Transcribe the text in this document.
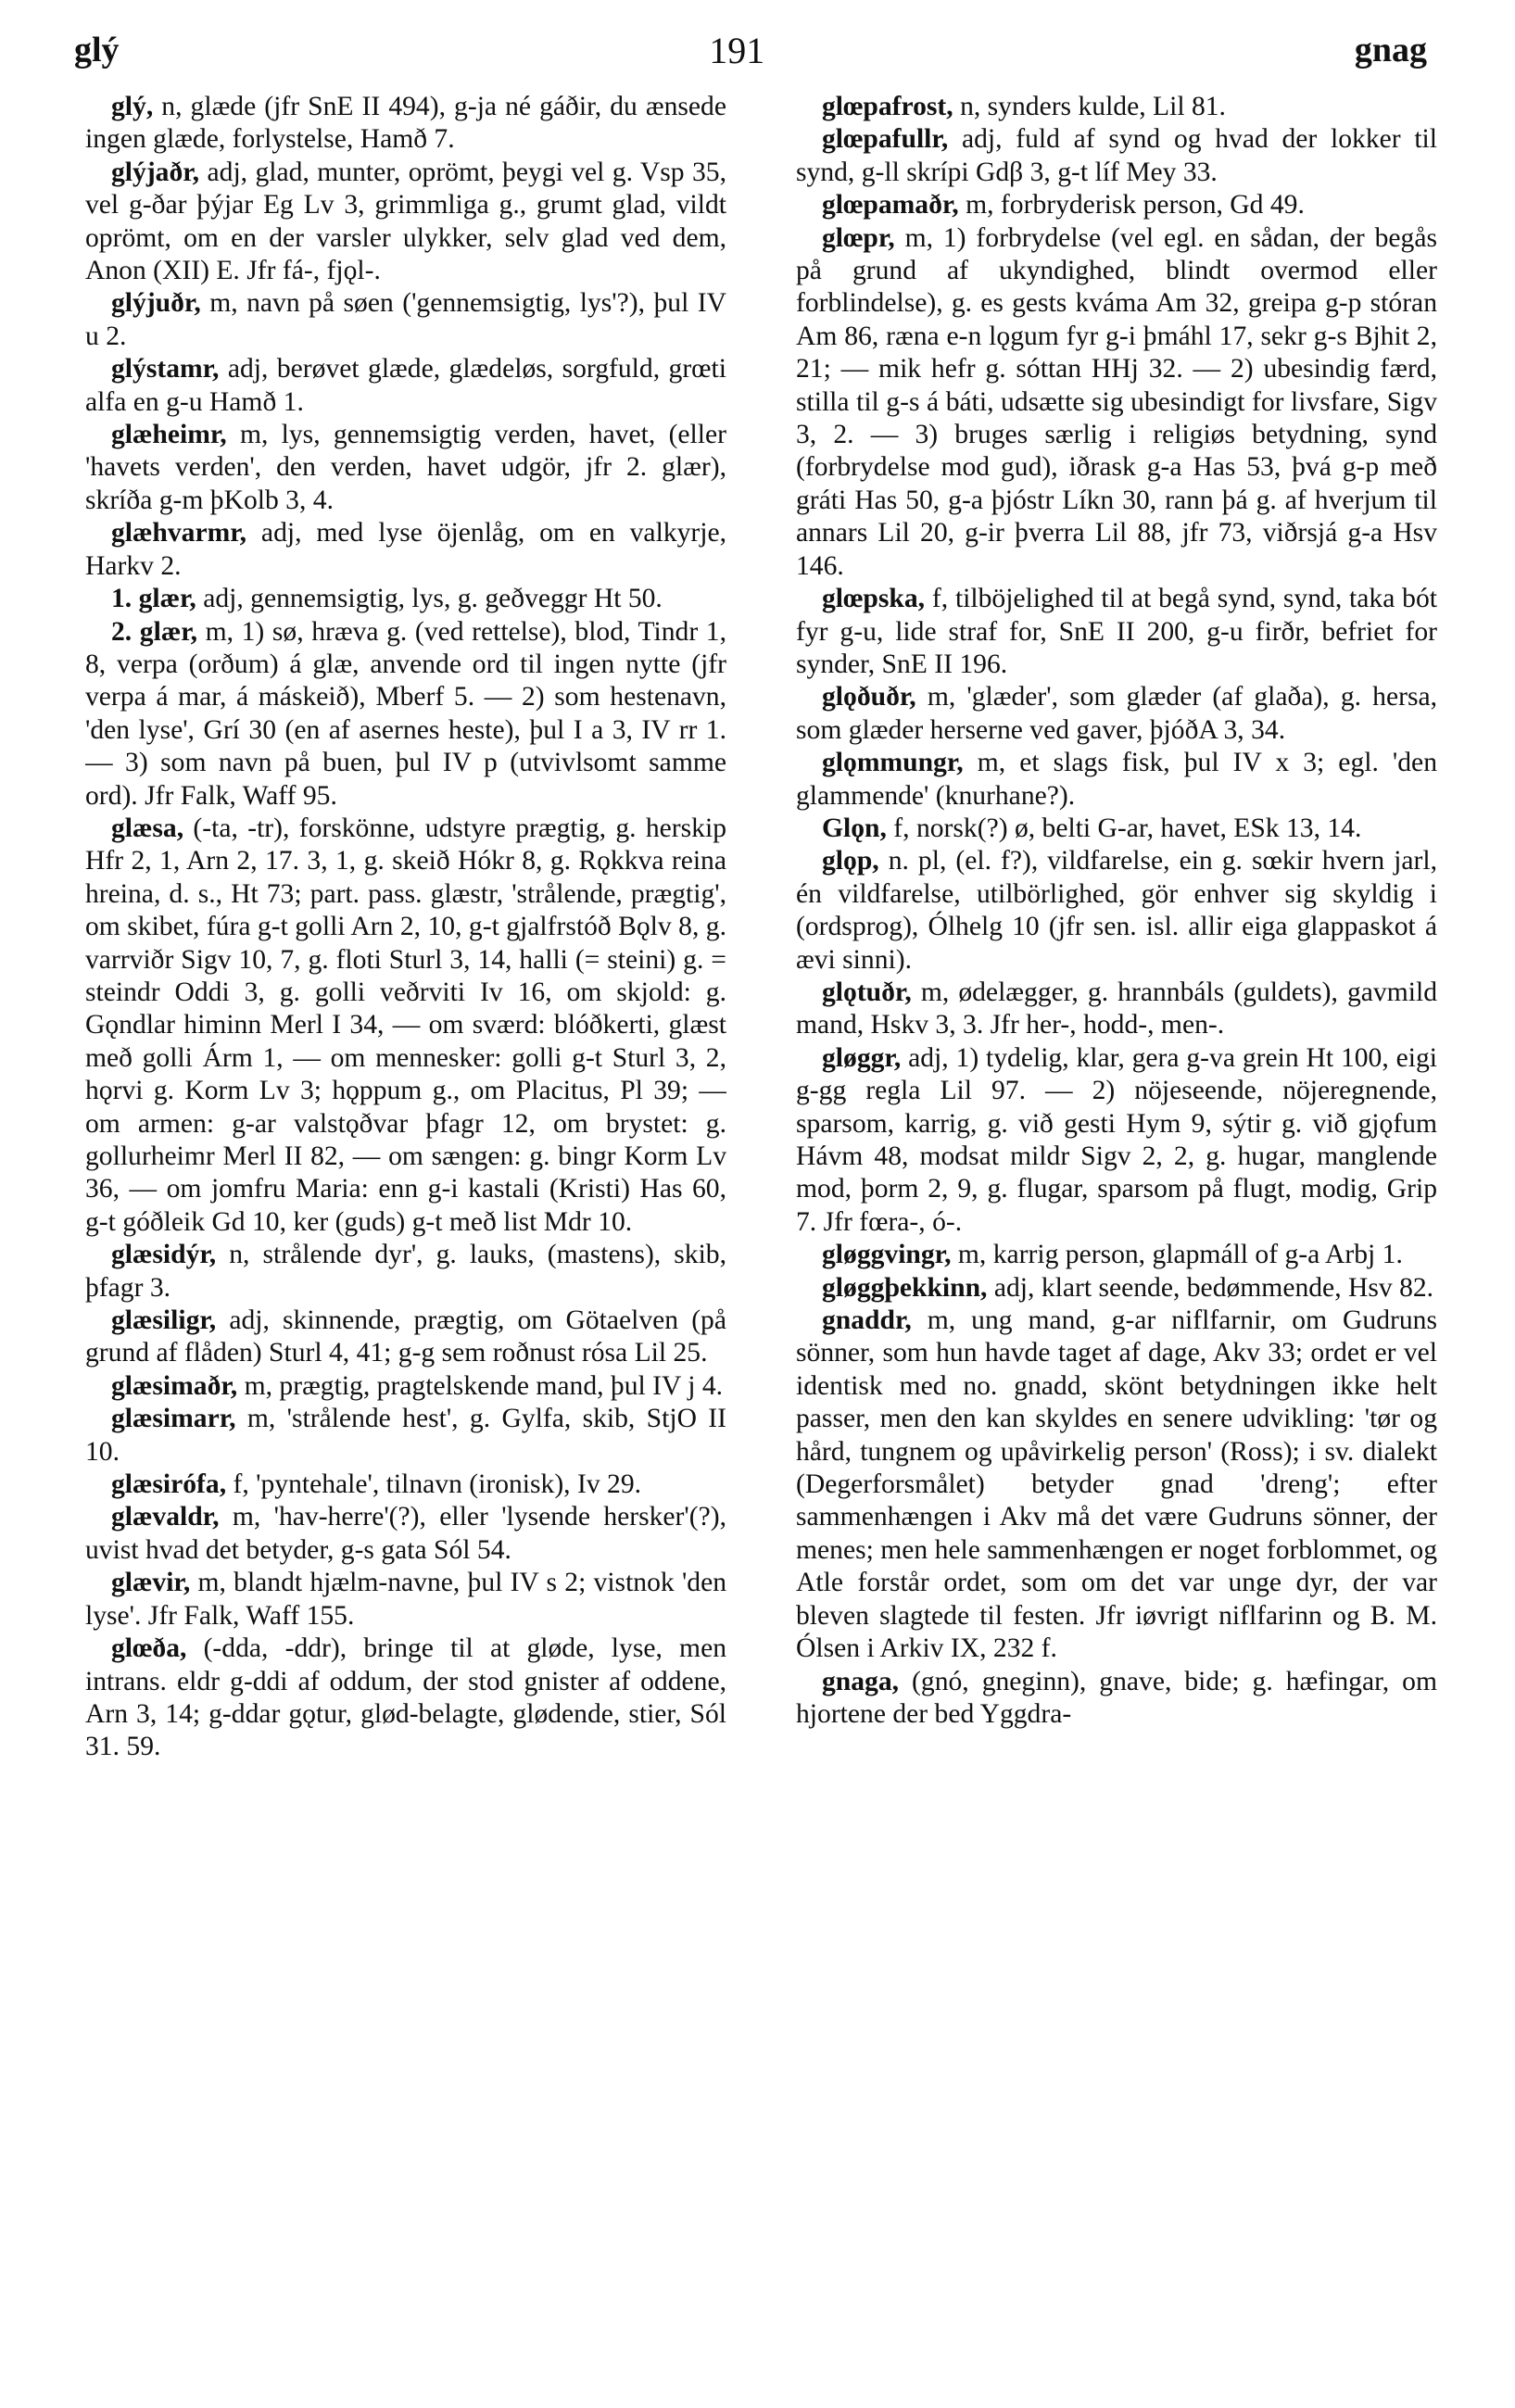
glý	191	gnag

glý, n, glæde (jfr SnE II 494), g-ja né gáðir, du ænsede ingen glæde, forlystelse, Hamð 7.

glýjaðr, adj, glad, munter, oprömt, þeygi vel g. Vsp 35, vel g-ðar þýjar Eg Lv 3, grimmliga g., grumt glad, vildt oprömt, om en der varsler ulykker, selv glad ved dem, Anon (XII) E. Jfr fá-, fjǫl-.

glýjuðr, m, navn på søen ('gennemsigtig, lys'?), þul IV u 2.

glýstamr, adj, berøvet glæde, glædeløs, sorgfuld, grœti alfa en g-u Hamð 1.

glæheimr, m, lys, gennemsigtig verden, havet, (eller 'havets verden', den verden, havet udgör, jfr 2. glær), skríða g-m þKolb 3, 4.

glæhvarmr, adj, med lyse öjenlåg, om en valkyrje, Harkv 2.

1. glær, adj, gennemsigtig, lys, g. geðveggr Ht 50.

2. glær, m, 1) sø, hræva g. (ved rettelse), blod, Tindr 1, 8, verpa (orðum) á glæ, anvende ord til ingen nytte (jfr verpa á mar, á máskeið), Mberf 5. — 2) som hestenavn, 'den lyse', Grí 30 (en af asernes heste), þul I a 3, IV rr 1. — 3) som navn på buen, þul IV p (utvivlsomt samme ord). Jfr Falk, Waff 95.

glæsa, (-ta, -tr), forskönne, udstyre prægtig, g. herskip Hfr 2, 1, Arn 2, 17. 3, 1, g. skeið Hókr 8, g. Rǫkkva reina hreina, d. s., Ht 73; part. pass. glæstr, 'strålende, prægtig', om skibet, fúra g-t golli Arn 2, 10, g-t gjalfrstóð Bǫlv 8, g. varrviðr Sigv 10, 7, g. floti Sturl 3, 14, halli (= steini) g. = steindr Oddi 3, g. golli veðrviti Iv 16, om skjold: g. Gǫndlar himinn Merl I 34, — om sværd: blóðkerti, glæst með golli Árm 1, — om mennesker: golli g-t Sturl 3, 2, hǫrvi g. Korm Lv 3; hǫppum g., om Placitus, Pl 39; — om armen: g-ar valstǫðvar þfagr 12, om brystet: g. gollurheimr Merl II 82, — om sængen: g. bingr Korm Lv 36, — om jomfru Maria: enn g-i kastali (Kristi) Has 60, g-t góðleik Gd 10, ker (guds) g-t með list Mdr 10.

glæsidýr, n, strålende dyr', g. lauks, (mastens), skib, þfagr 3.

glæsiligr, adj, skinnende, prægtig, om Götaelven (på grund af flåden) Sturl 4, 41; g-g sem roðnust rósa Lil 25.

glæsimaðr, m, prægtig, pragtelskende mand, þul IV j 4.

glæsimarr, m, 'strålende hest', g. Gylfa, skib, StjO II 10.

glæsirófa, f, 'pyntehale', tilnavn (ironisk), Iv 29.

glævaldr, m, 'hav-herre'(?), eller 'lysende hersker'(?), uvist hvad det betyder, g-s gata Sól 54.

glævir, m, blandt hjælm-navne, þul IV s 2; vistnok 'den lyse'. Jfr Falk, Waff 155.

glœða, (-dda, -ddr), bringe til at gløde, lyse, men intrans. eldr g-ddi af oddum, der stod gnister af oddene, Arn 3, 14; g-ddar gǫtur, glød-belagte, glødende, stier, Sól 31. 59.

glœpafrost, n, synders kulde, Lil 81.

glœpafullr, adj, fuld af synd og hvad der lokker til synd, g-ll skrípi Gdβ 3, g-t líf Mey 33.

glœpamaðr, m, forbryderisk person, Gd 49.

glœpr, m, 1) forbrydelse (vel egl. en sådan, der begås på grund af ukyndighed, blindt overmod eller forblindelse), g. es gests kváma Am 32, greipa g-p stóran Am 86, ræna e-n lǫgum fyr g-i þmáhl 17, sekr g-s Bjhit 2, 21; — mik hefr g. sóttan HHj 32. — 2) ubesindig færd, stilla til g-s á báti, udsætte sig ubesindigt for livsfare, Sigv 3, 2. — 3) bruges særlig i religiøs betydning, synd (forbrydelse mod gud), iðrask g-a Has 53, þvá g-p með gráti Has 50, g-a þjóstr Líkn 30, rann þá g. af hverjum til annars Lil 20, g-ir þverra Lil 88, jfr 73, viðrsjá g-a Hsv 146.

glœpska, f, tilböjelighed til at begå synd, synd, taka bót fyr g-u, lide straf for, SnE II 200, g-u firðr, befriet for synder, SnE II 196.

glǫðuðr, m, 'glæder', som glæder (af glaða), g. hersa, som glæder herserne ved gaver, þjóðA 3, 34.

glǫmmungr, m, et slags fisk, þul IV x 3; egl. 'den glammende' (knurhane?).

Glǫn, f, norsk(?) ø, belti G-ar, havet, ESk 13, 14.

glǫp, n. pl, (el. f?), vildfarelse, ein g. sœkir hvern jarl, én vildfarelse, utilbörlighed, gör enhver sig skyldig i (ordsprog), Ólhelg 10 (jfr sen. isl. allir eiga glappaskot á ævi sinni).

glǫtuðr, m, ødelægger, g. hrannbáls (guldets), gavmild mand, Hskv 3, 3. Jfr her-, hodd-, men-.

gløggr, adj, 1) tydelig, klar, gera g-va grein Ht 100, eigi g-gg regla Lil 97. — 2) nöjeseende, nöjeregnende, sparsom, karrig, g. við gesti Hym 9, sýtir g. við gjǫfum Hávm 48, modsat mildr Sigv 2, 2, g. hugar, manglende mod, þorm 2, 9, g. flugar, sparsom på flugt, modig, Grip 7. Jfr fœra-, ó-.

gløggvingr, m, karrig person, glapmáll of g-a Arbj 1.

gløggþekkinn, adj, klart seende, bedømmende, Hsv 82.

gnaddr, m, ung mand, g-ar niflfarnir, om Gudruns sönner, som hun havde taget af dage, Akv 33; ordet er vel identisk med no. gnadd, skönt betydningen ikke helt passer, men den kan skyldes en senere udvikling: 'tør og hård, tungnem og upåvirkelig person' (Ross); i sv. dialekt (Degerforsmålet) betyder gnad 'dreng'; efter sammenhængen i Akv må det være Gudruns sönner, der menes; men hele sammenhængen er noget forblommet, og Atle forstår ordet, som om det var unge dyr, der var bleven slagtede til festen. Jfr iøvrigt niflfarinn og B. M. Ólsen i Arkiv IX, 232 f.

gnaga, (gnó, gneginn), gnave, bide; g. hæfingar, om hjortene der bed Yggdra-
